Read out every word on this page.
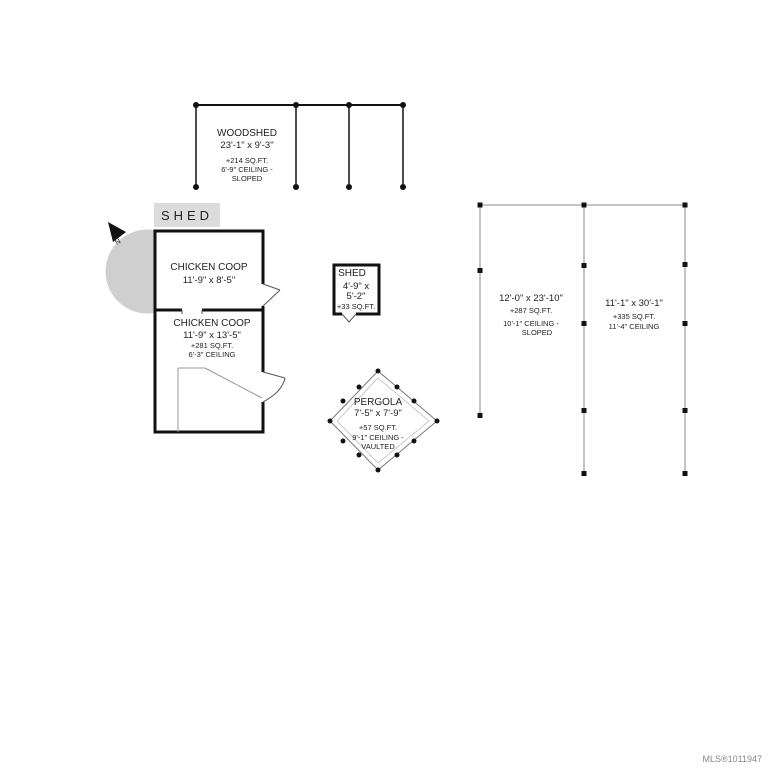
SHED
N
WOODSHED
23'-1" x 9'-3"
+214 SQ.FT.
6'-9" CEILING -
SLOPED
CHICKEN COOP
11'-9" x 8'-5"
CHICKEN COOP
11'-9" x 13'-5"
+281 SQ.FT.
6'-3" CEILING
SHED
4'-9" x
5'-2"
+33 SQ.FT.
PERGOLA
7'-5" x 7'-9"
+57 SQ.FT.
9'-1" CEILING -
VAULTED
12'-0" x 23'-10"
+287 SQ.FT.
10'-1" CEILING -
SLOPED
11'-1" x 30'-1"
+335 SQ.FT.
11'-4" CEILING
MLS®1011947
